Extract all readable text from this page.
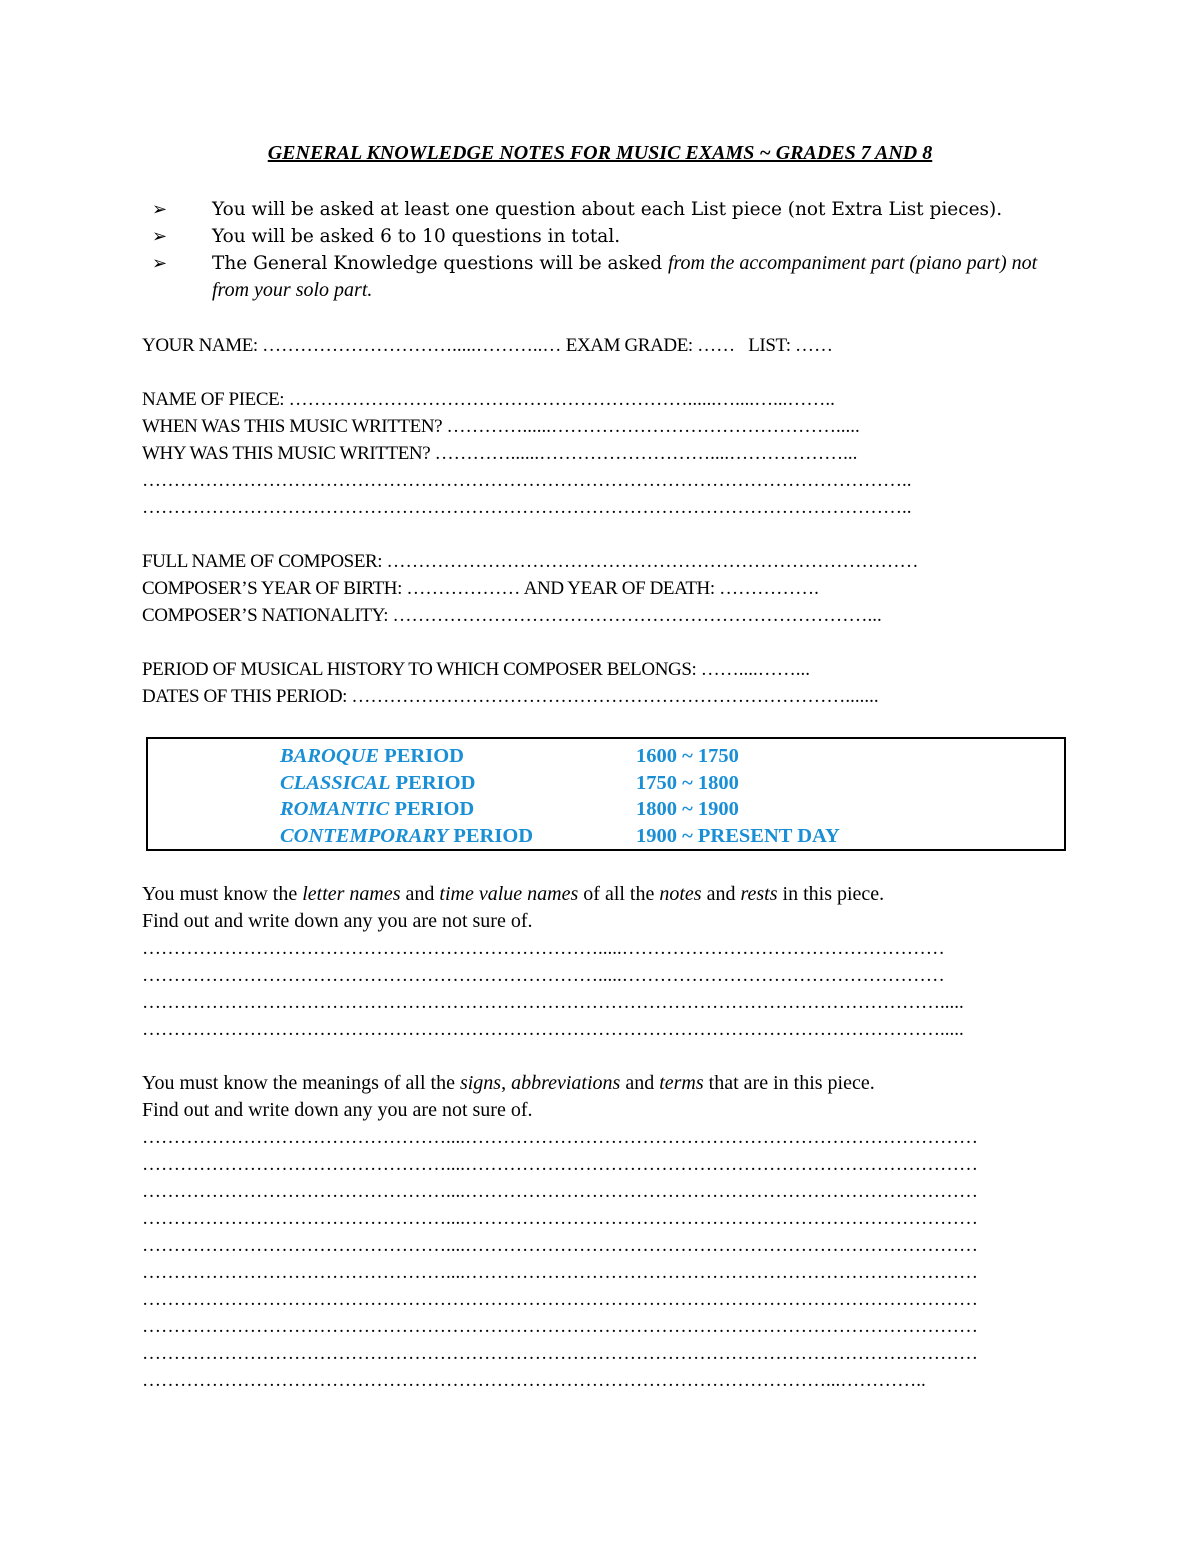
GENERAL KNOWLEDGE NOTES FOR MUSIC EXAMS ~ GRADES 7 AND 8
➢ You will be asked at least one question about each List piece (not Extra List pieces).
➢ You will be asked 6 to 10 questions in total.
➢ The General Knowledge questions will be asked from the accompaniment part (piano part) not from your solo part.
YOUR NAME: ………………………….....………..… EXAM GRADE: …… LIST: ……
NAME OF PIECE: ………………………………………………………......…....…...……..
WHEN WAS THIS MUSIC WRITTEN? …………......……………………………………….....
WHY WAS THIS MUSIC WRITTEN? …………......………………………....………………...
…………………………………………………………………………………………………………..
…………………………………………………………………………………………………………..
FULL NAME OF COMPOSER: …………………………………………………………………………
COMPOSER’S YEAR OF BIRTH: ……………… AND YEAR OF DEATH: …………….
COMPOSER’S NATIONALITY: …………………………………………………………………...
PERIOD OF MUSICAL HISTORY TO WHICH COMPOSER BELONGS: ……....……...
DATES OF THIS PERIOD: …………………………………………………………………….......
BAROQUE PERIOD	1600 ~ 1750
CLASSICAL PERIOD	1750 ~ 1800
ROMANTIC PERIOD	1800 ~ 1900
CONTEMPORARY PERIOD	1900 ~ PRESENT DAY
You must know the letter names and time value names of all the notes and rests in this piece.
Find out and write down any you are not sure of.
……………………………………………………………….....……………………………………………
……………………………………………………………….....……………………………………………
……………………………………………………………………………………………………………….....
……………………………………………………………………………………………………………….....
You must know the meanings of all the signs, abbreviations and terms that are in this piece.
Find out and write down any you are not sure of.
…………………………………………....………………………………………………………………………
…………………………………………....………………………………………………………………………
…………………………………………....………………………………………………………………………
…………………………………………....………………………………………………………………………
…………………………………………....………………………………………………………………………
…………………………………………....………………………………………………………………………
……………………………………………………………………………………………………………………
……………………………………………………………………………………………………………………
……………………………………………………………………………………………………………………
………………………………………………………………………………………………...…………..
